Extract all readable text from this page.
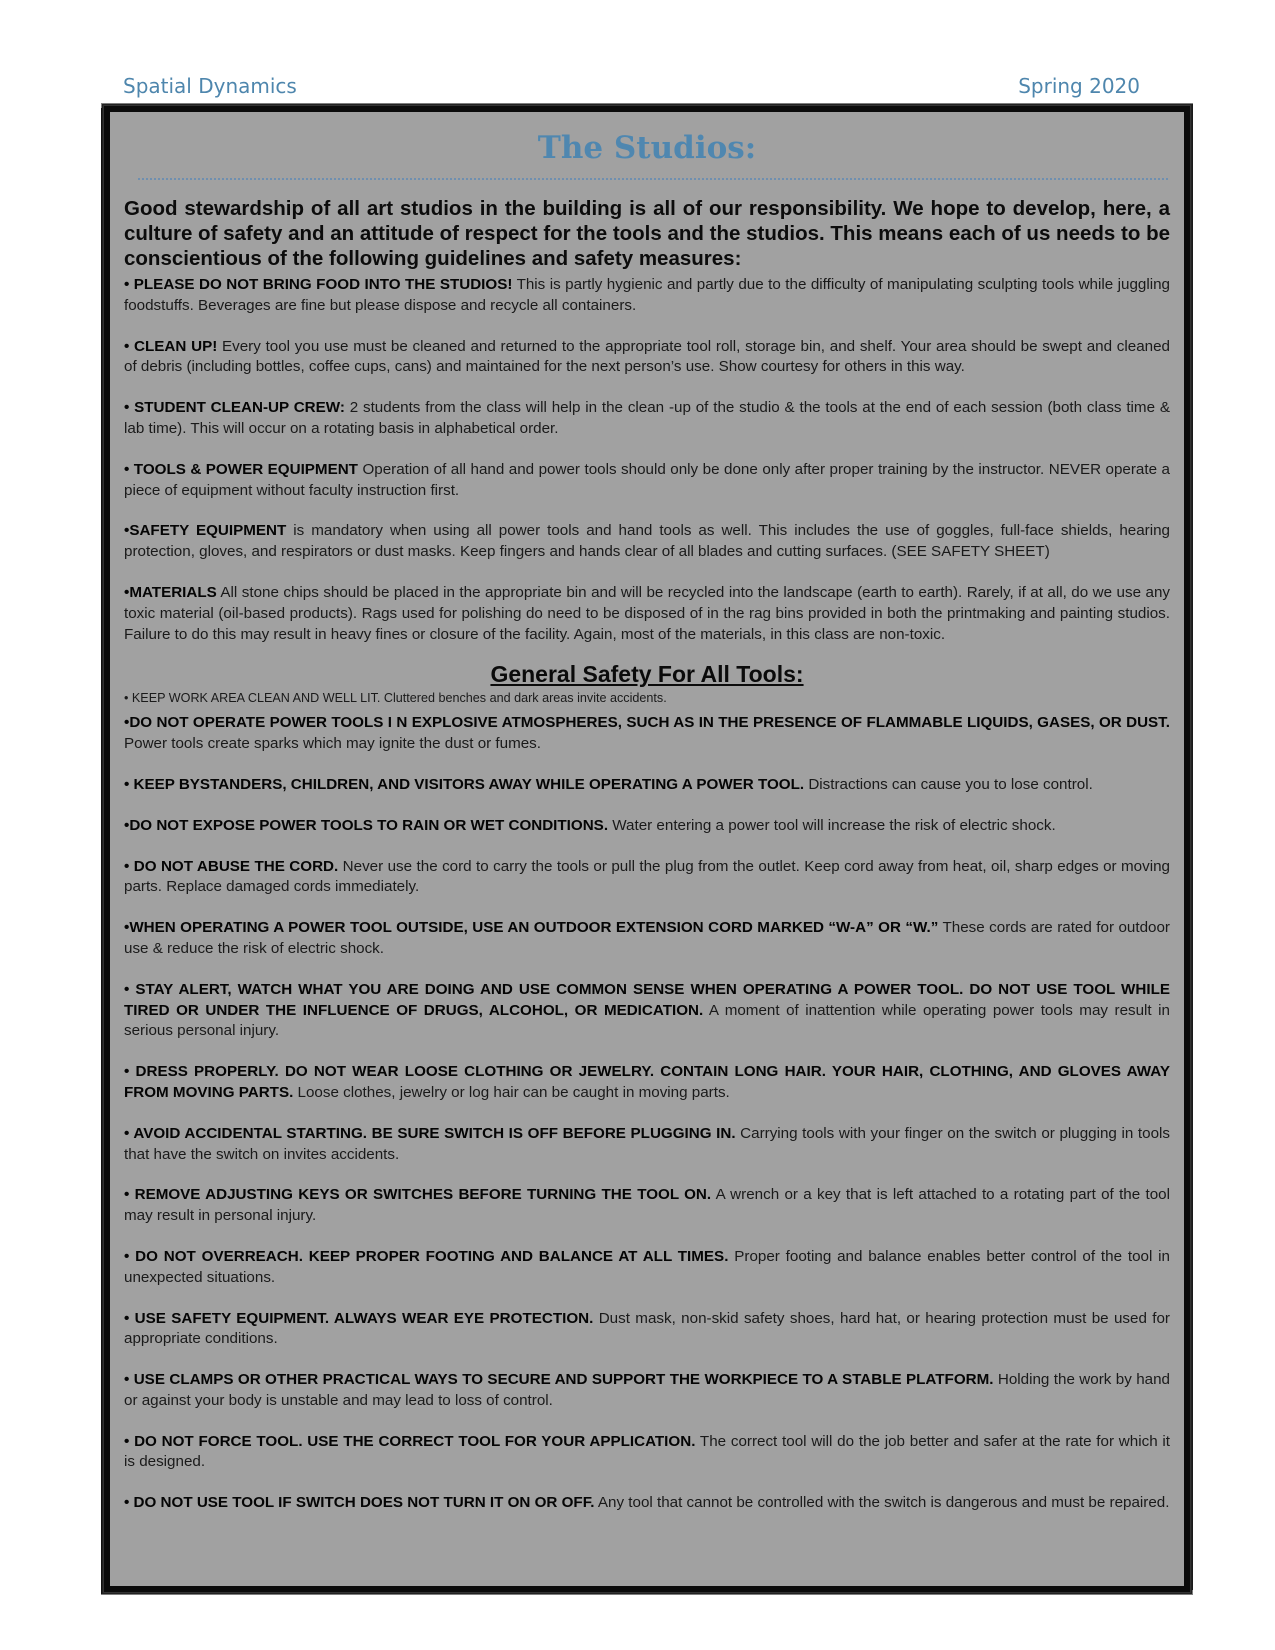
Spatial Dynamics	Spring 2020
The Studios:

Good stewardship of all art studios in the building is all of our responsibility. We hope to develop, here, a culture of safety and an attitude of respect for the tools and the studios. This means each of us needs to be conscientious of the following guidelines and safety measures:

• PLEASE DO NOT BRING FOOD INTO THE STUDIOS! This is partly hygienic and partly due to the difficulty of manipulating sculpting tools while juggling foodstuffs. Beverages are fine but please dispose and recycle all containers.

• CLEAN UP! Every tool you use must be cleaned and returned to the appropriate tool roll, storage bin, and shelf. Your area should be swept and cleaned of debris (including bottles, coffee cups, cans) and maintained for the next person’s use. Show courtesy for others in this way.

• STUDENT CLEAN-UP CREW: 2 students from the class will help in the clean -up of the studio & the tools at the end of each session (both class time & lab time). This will occur on a rotating basis in alphabetical order.

• TOOLS & POWER EQUIPMENT Operation of all hand and power tools should only be done only after proper training by the instructor. NEVER operate a piece of equipment without faculty instruction first.

•SAFETY EQUIPMENT is mandatory when using all power tools and hand tools as well. This includes the use of goggles, full-face shields, hearing protection, gloves, and respirators or dust masks. Keep fingers and hands clear of all blades and cutting surfaces. (SEE SAFETY SHEET)

•MATERIALS All stone chips should be placed in the appropriate bin and will be recycled into the landscape (earth to earth). Rarely, if at all, do we use any toxic material (oil-based products). Rags used for polishing do need to be disposed of in the rag bins provided in both the printmaking and painting studios. Failure to do this may result in heavy fines or closure of the facility. Again, most of the materials, in this class are non-toxic.

General Safety For All Tools:

• KEEP WORK AREA CLEAN AND WELL LIT. Cluttered benches and dark areas invite accidents.

•DO NOT OPERATE POWER TOOLS I N EXPLOSIVE ATMOSPHERES, SUCH AS IN THE PRESENCE OF FLAMMABLE LIQUIDS, GASES, OR DUST. Power tools create sparks which may ignite the dust or fumes.

• KEEP BYSTANDERS, CHILDREN, AND VISITORS AWAY WHILE OPERATING A POWER TOOL. Distractions can cause you to lose control.

•DO NOT EXPOSE POWER TOOLS TO RAIN OR WET CONDITIONS. Water entering a power tool will increase the risk of electric shock.

• DO NOT ABUSE THE CORD. Never use the cord to carry the tools or pull the plug from the outlet. Keep cord away from heat, oil, sharp edges or moving parts. Replace damaged cords immediately.

•WHEN OPERATING A POWER TOOL OUTSIDE, USE AN OUTDOOR EXTENSION CORD MARKED “W-A” OR “W.” These cords are rated for outdoor use & reduce the risk of electric shock.

• STAY ALERT, WATCH WHAT YOU ARE DOING AND USE COMMON SENSE WHEN OPERATING A POWER TOOL. DO NOT USE TOOL WHILE TIRED OR UNDER THE INFLUENCE OF DRUGS, ALCOHOL, OR MEDICATION. A moment of inattention while operating power tools may result in serious personal injury.

• DRESS PROPERLY. DO NOT WEAR LOOSE CLOTHING OR JEWELRY. CONTAIN LONG HAIR. YOUR HAIR, CLOTHING, AND GLOVES AWAY FROM MOVING PARTS. Loose clothes, jewelry or log hair can be caught in moving parts.

• AVOID ACCIDENTAL STARTING. BE SURE SWITCH IS OFF BEFORE PLUGGING IN. Carrying tools with your finger on the switch or plugging in tools that have the switch on invites accidents.

• REMOVE ADJUSTING KEYS OR SWITCHES BEFORE TURNING THE TOOL ON. A wrench or a key that is left attached to a rotating part of the tool may result in personal injury.

• DO NOT OVERREACH. KEEP PROPER FOOTING AND BALANCE AT ALL TIMES. Proper footing and balance enables better control of the tool in unexpected situations.

• USE SAFETY EQUIPMENT. ALWAYS WEAR EYE PROTECTION. Dust mask, non-skid safety shoes, hard hat, or hearing protection must be used for appropriate conditions.

• USE CLAMPS OR OTHER PRACTICAL WAYS TO SECURE AND SUPPORT THE WORKPIECE TO A STABLE PLATFORM. Holding the work by hand or against your body is unstable and may lead to loss of control.

• DO NOT FORCE TOOL. USE THE CORRECT TOOL FOR YOUR APPLICATION. The correct tool will do the job better and safer at the rate for which it is designed.

• DO NOT USE TOOL IF SWITCH DOES NOT TURN IT ON OR OFF. Any tool that cannot be controlled with the switch is dangerous and must be repaired.
